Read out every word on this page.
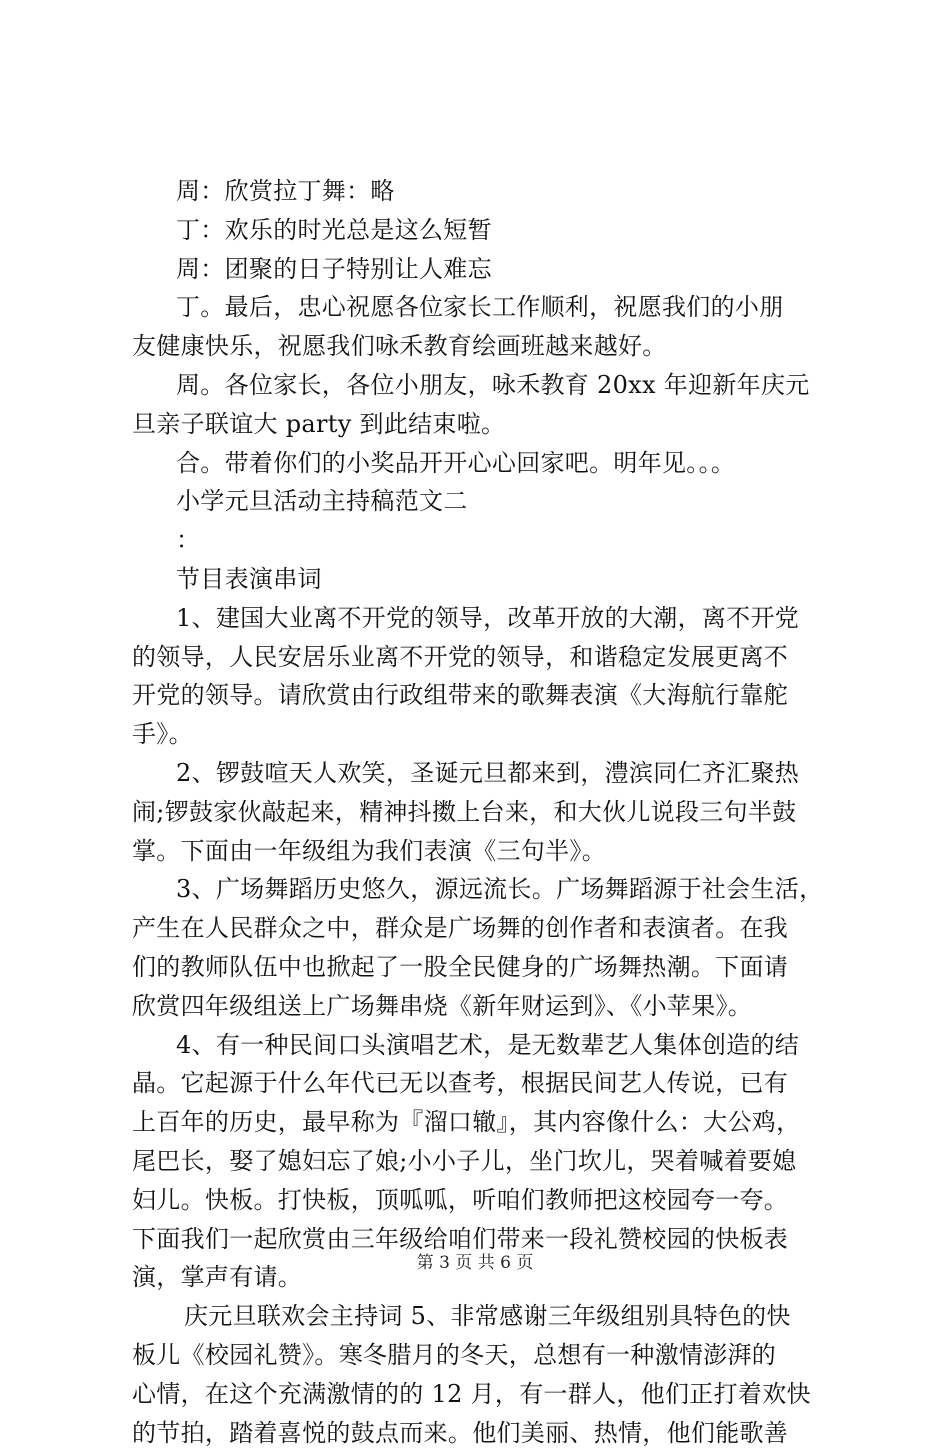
周：欣赏拉丁舞：略
丁：欢乐的时光总是这么短暂
周：团聚的日子特别让人难忘
丁。最后，忠心祝愿各位家长工作顺利，祝愿我们的小朋
友健康快乐，祝愿我们咏禾教育绘画班越来越好。
周。各位家长，各位小朋友，咏禾教育 20xx 年迎新年庆元
旦亲子联谊大 party 到此结束啦。
合。带着你们的小奖品开开心心回家吧。明年见。。。
小学元旦活动主持稿范文二
：
节目表演串词
1、建国大业离不开党的领导，改革开放的大潮，离不开党
的领导，人民安居乐业离不开党的领导，和谐稳定发展更离不
开党的领导。请欣赏由行政组带来的歌舞表演《大海航行靠舵
手》。
2、锣鼓喧天人欢笑，圣诞元旦都来到，澧滨同仁齐汇聚热
闹;锣鼓家伙敲起来，精神抖擞上台来，和大伙儿说段三句半鼓
掌。下面由一年级组为我们表演《三句半》。
3、广场舞蹈历史悠久，源远流长。广场舞蹈源于社会生活，
产生在人民群众之中，群众是广场舞的创作者和表演者。在我
们的教师队伍中也掀起了一股全民健身的广场舞热潮。下面请
欣赏四年级组送上广场舞串烧《新年财运到》、《小苹果》。
4、有一种民间口头演唱艺术，是无数辈艺人集体创造的结
晶。它起源于什么年代已无以查考，根据民间艺人传说，已有
上百年的历史，最早称为『溜口辙』，其内容像什么：大公鸡，
尾巴长，娶了媳妇忘了娘;小小子儿，坐门坎儿，哭着喊着要媳
妇儿。快板。打快板，顶呱呱，听咱们教师把这校园夸一夸。
下面我们一起欣赏由三年级给咱们带来一段礼赞校园的快板表
演，掌声有请。
庆元旦联欢会主持词 5、非常感谢三年级组别具特色的快
板儿《校园礼赞》。寒冬腊月的冬天，总想有一种激情澎湃的
心情，在这个充满激情的的 12 月，有一群人，他们正打着欢快
的节拍，踏着喜悦的鼓点而来。他们美丽、热情，他们能歌善
第 3 页 共 6 页
